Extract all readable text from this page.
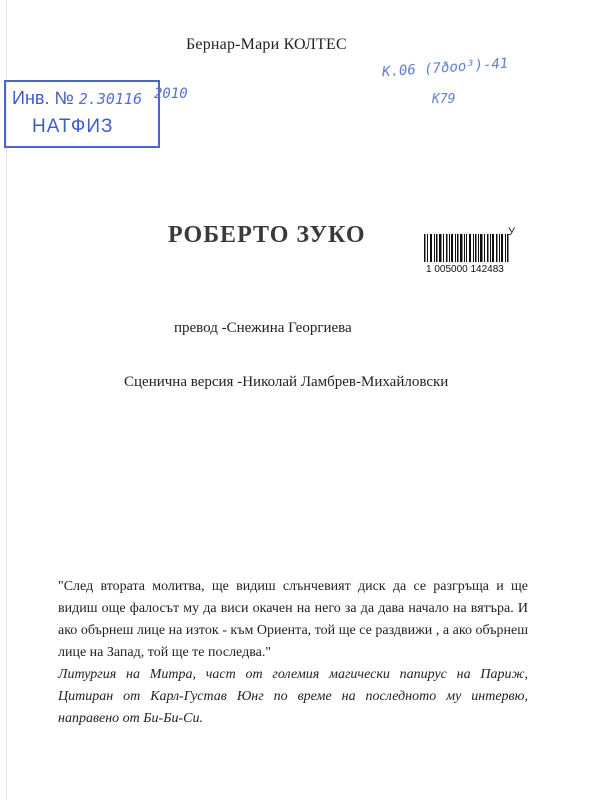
Бернар-Мари КОЛТЕС
Инв. № 2.30116
НАТФИЗ
2010
K.06 (7ðoo³)-41
K79
РОБЕРТО ЗУКО
1 005000 142483
У
превод -Снежина Георгиева
Сценична версия -Николай Ламбрев-Михайловски
"След втората молитва, ще видиш слънчевият диск да се разгръща и ще видиш още фалосът му да виси окачен на него за да дава начало на вятъра. И ако обърнеш лице на изток - към Ориента, той ще се раздвижи , а ако обърнеш лице на Запад, той ще те последва."
Литургия на Митра, част от големия магически папирус на Париж, Цитиран от Карл-Густав Юнг по време на последното му интервю, направено от Би-Би-Си.
